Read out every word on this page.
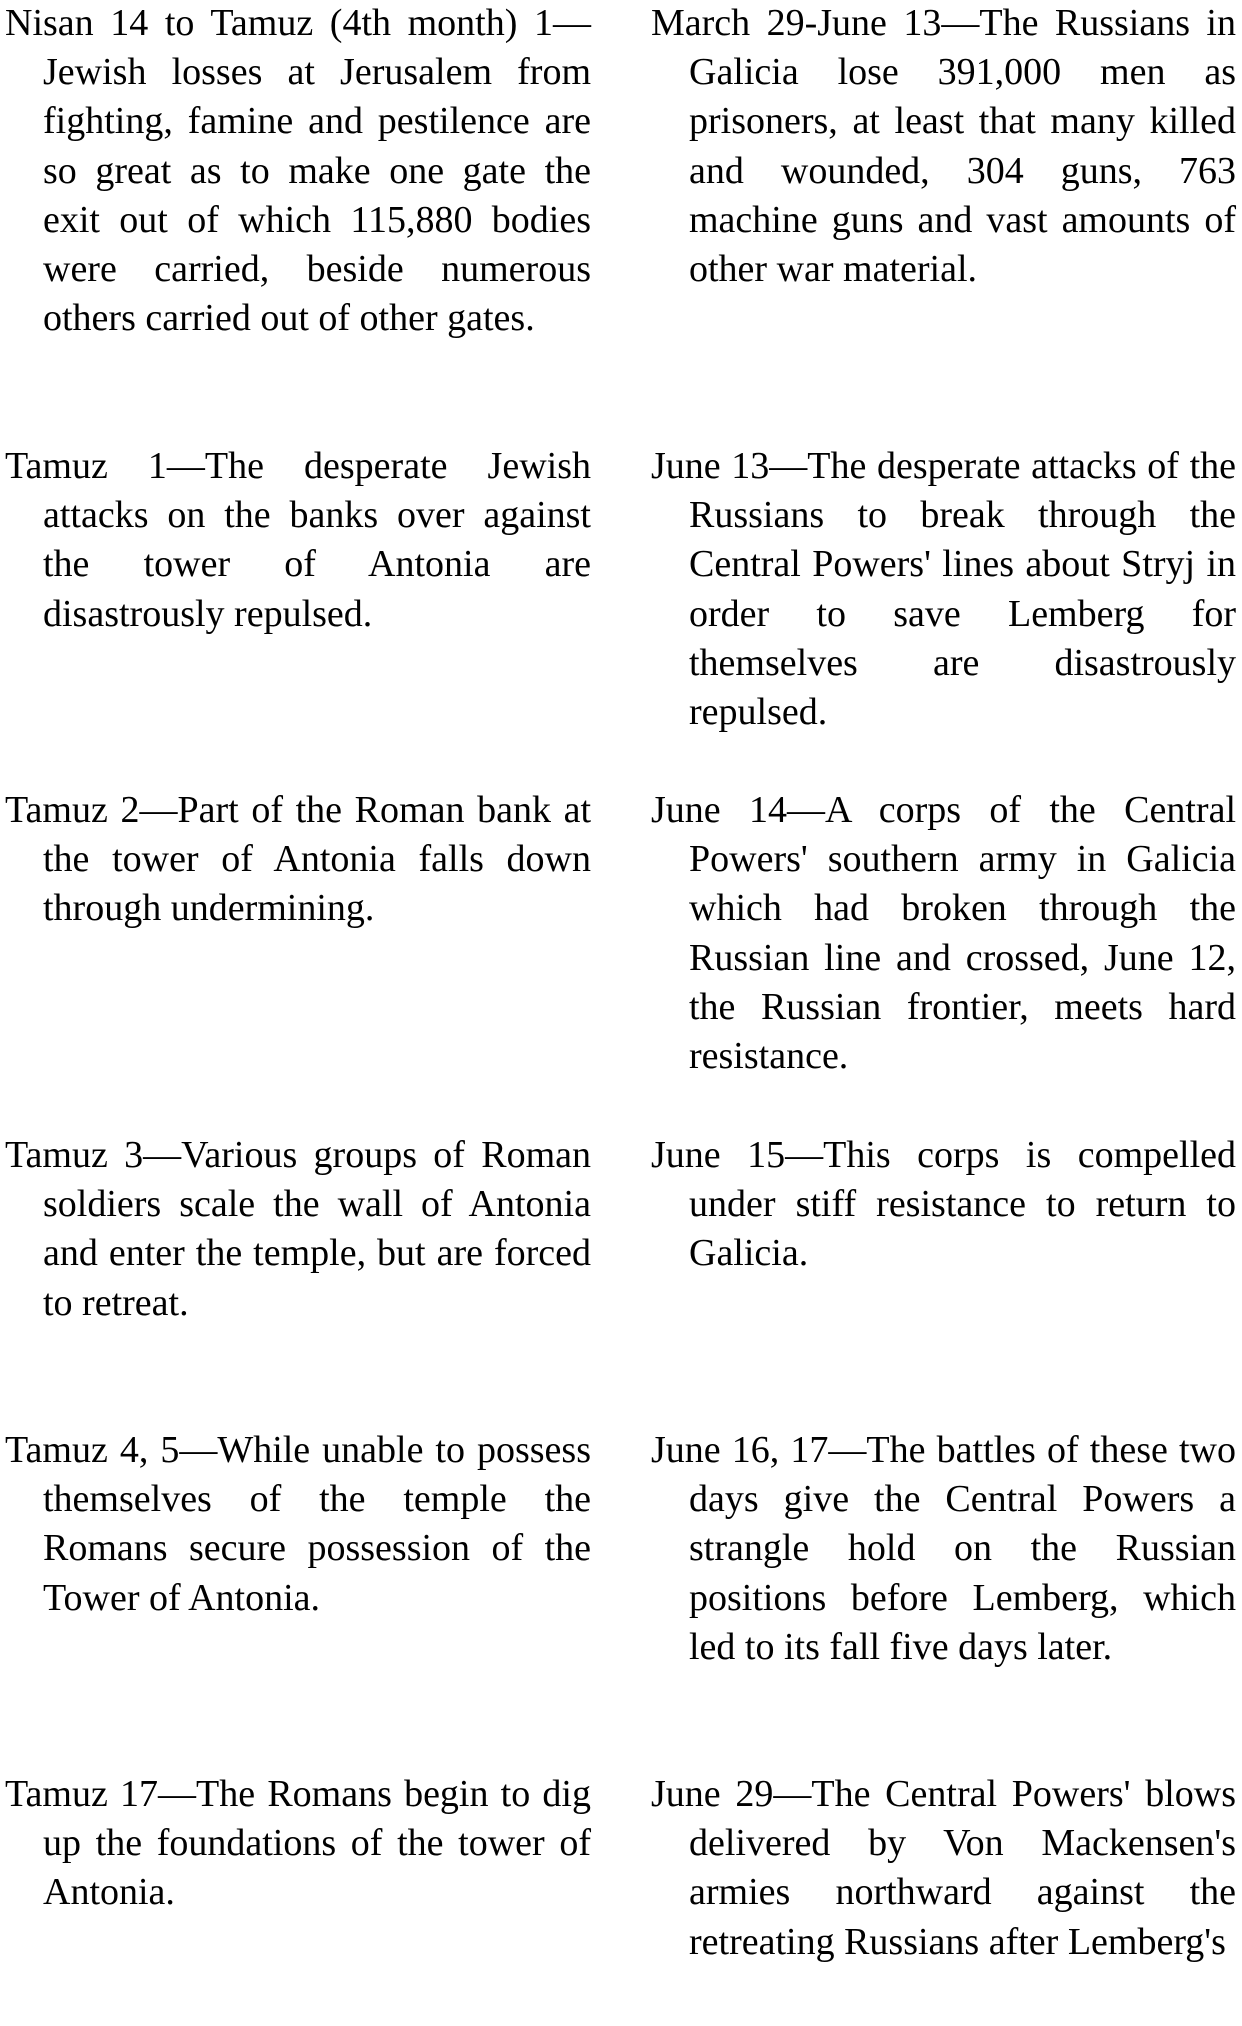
Nisan 14 to Tamuz (4th month) 1—Jewish losses at Jerusalem from fighting, famine and pestilence are so great as to make one gate the exit out of which 115,880 bodies were carried, beside numerous others carried out of other gates.

Tamuz 1—The desperate Jewish attacks on the banks over against the tower of Antonia are disastrously repulsed.

Tamuz 2—Part of the Roman bank at the tower of Antonia falls down through undermining.

Tamuz 3—Various groups of Roman soldiers scale the wall of Antonia and enter the temple, but are forced to retreat.

Tamuz 4, 5—While unable to possess themselves of the temple the Romans secure possession of the Tower of Antonia.

Tamuz 17—The Romans begin to dig up the foundations of the tower of Antonia.

March 29-June 13—The Russians in Galicia lose 391,000 men as prisoners, at least that many killed and wounded, 304 guns, 763 machine guns and vast amounts of other war material.

June 13—The desperate attacks of the Russians to break through the Central Powers' lines about Stryj in order to save Lemberg for themselves are disastrously repulsed.

June 14—A corps of the Central Powers' southern army in Galicia which had broken through the Russian line and crossed, June 12, the Russian frontier, meets hard resistance.

June 15—This corps is compelled under stiff resistance to return to Galicia.

June 16, 17—The battles of these two days give the Central Powers a strangle hold on the Russian positions before Lemberg, which led to its fall five days later.

June 29—The Central Powers' blows delivered by Von Mackensen's armies northward against the retreating Russians after Lemberg's
